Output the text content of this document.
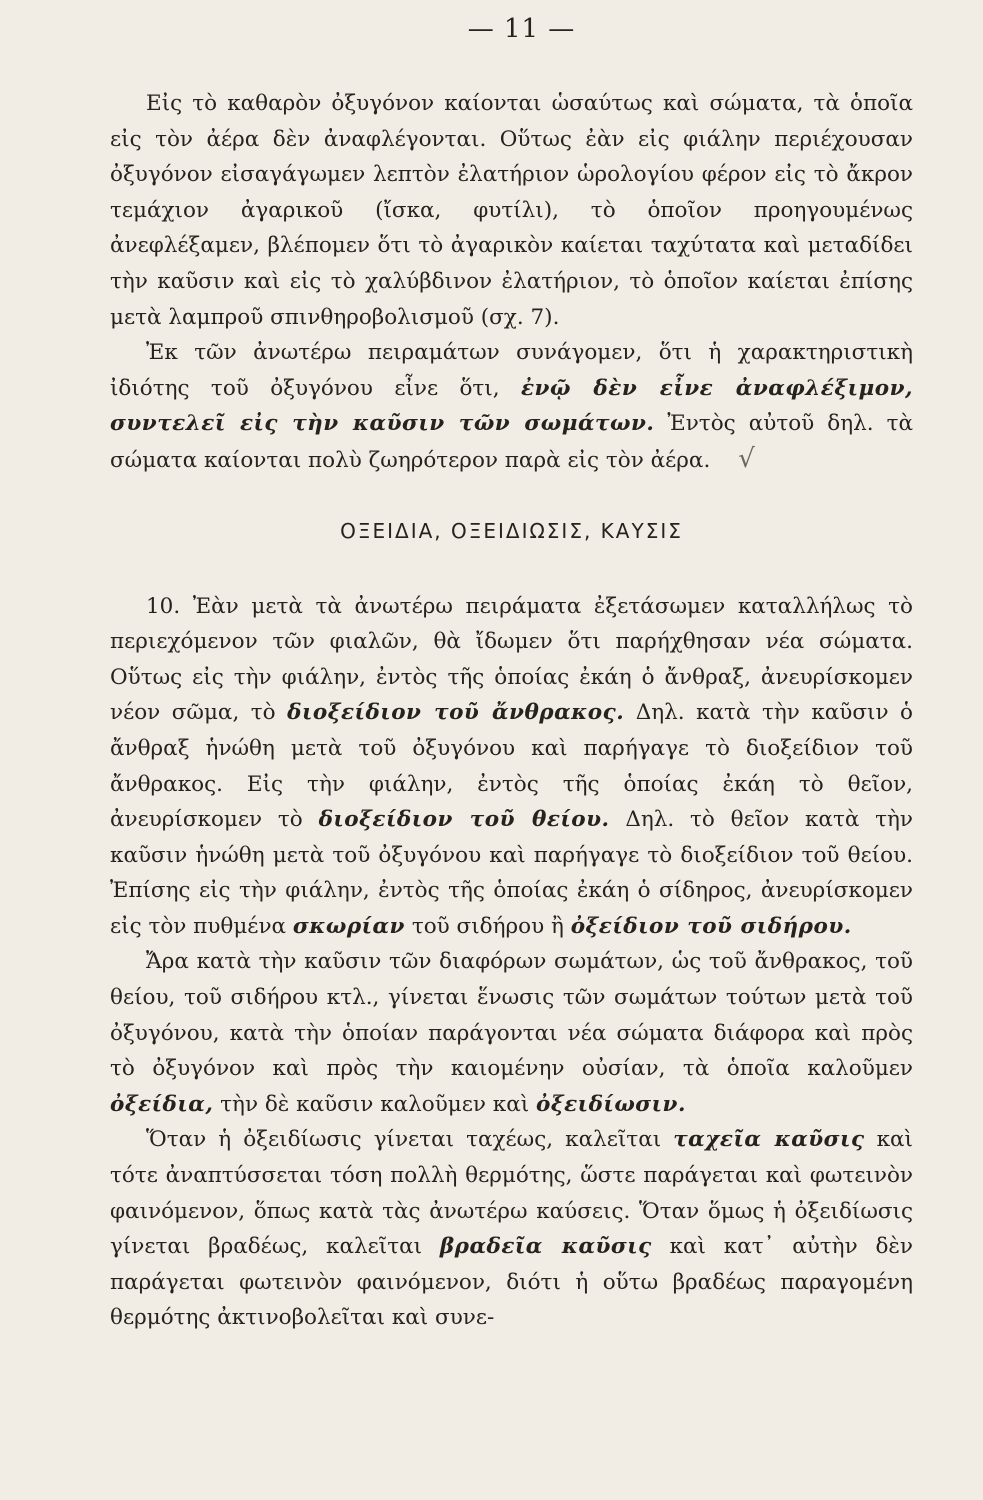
— 11 —

Εἰς τὸ καθαρὸν ὀξυγόνον καίονται ὡσαύτως καὶ σώματα, τὰ ὁποῖα εἰς τὸν ἀέρα δὲν ἀναφλέγονται. Οὕτως ἐὰν εἰς φιάλην περιέχουσαν ὀξυγόνον εἰσαγάγωμεν λεπτὸν ἐλατήριον ὡρολογίου φέρον εἰς τὸ ἄκρον τεμάχιον ἀγαρικοῦ (ἴσκα, φυτίλι), τὸ ὁποῖον προηγουμένως ἀνεφλέξαμεν, βλέπομεν ὅτι τὸ ἀγαρικὸν καίεται ταχύτατα καὶ μεταδίδει τὴν καῦσιν καὶ εἰς τὸ χαλύβδινον ἐλατήριον, τὸ ὁποῖον καίεται ἐπίσης μετὰ λαμπροῦ σπινθηροβολισμοῦ (σχ. 7).

Ἐκ τῶν ἀνωτέρω πειραμάτων συνάγομεν, ὅτι ἡ χαρακτηριστικὴ ἰδιότης τοῦ ὀξυγόνου εἶνε ὅτι, ἐνῷ δὲν εἶνε ἀναφλέξιμον, συντελεῖ εἰς τὴν καῦσιν τῶν σωμάτων. Ἐντὸς αὐτοῦ δηλ. τὰ σώματα καίονται πολὺ ζωηρότερον παρὰ εἰς τὸν ἀέρα. √

ΟΞΕΙΔΙΑ, ΟΞΕΙΔΙΩΣΙΣ, ΚΑΥΣΙΣ

10. Ἐὰν μετὰ τὰ ἀνωτέρω πειράματα ἐξετάσωμεν καταλλήλως τὸ περιεχόμενον τῶν φιαλῶν, θὰ ἴδωμεν ὅτι παρήχθησαν νέα σώματα. Οὕτως εἰς τὴν φιάλην, ἐντὸς τῆς ὁποίας ἐκάη ὁ ἄνθραξ, ἀνευρίσκομεν νέον σῶμα, τὸ διοξείδιον τοῦ ἄνθρακος. Δηλ. κατὰ τὴν καῦσιν ὁ ἄνθραξ ἡνώθη μετὰ τοῦ ὀξυγόνου καὶ παρήγαγε τὸ διοξείδιον τοῦ ἄνθρακος. Εἰς τὴν φιάλην, ἐντὸς τῆς ὁποίας ἐκάη τὸ θεῖον, ἀνευρίσκομεν τὸ διοξείδιον τοῦ θείου. Δηλ. τὸ θεῖον κατὰ τὴν καῦσιν ἡνώθη μετὰ τοῦ ὀξυγόνου καὶ παρήγαγε τὸ διοξείδιον τοῦ θείου. Ἐπίσης εἰς τὴν φιάλην, ἐντὸς τῆς ὁποίας ἐκάη ὁ σίδηρος, ἀνευρίσκομεν εἰς τὸν πυθμένα σκωρίαν τοῦ σιδήρου ἢ ὀξείδιον τοῦ σιδήρου.

Ἄρα κατὰ τὴν καῦσιν τῶν διαφόρων σωμάτων, ὡς τοῦ ἄνθρακος, τοῦ θείου, τοῦ σιδήρου κτλ., γίνεται ἕνωσις τῶν σωμάτων τούτων μετὰ τοῦ ὀξυγόνου, κατὰ τὴν ὁποίαν παράγονται νέα σώματα διάφορα καὶ πρὸς τὸ ὀξυγόνον καὶ πρὸς τὴν καιομένην οὐσίαν, τὰ ὁποῖα καλοῦμεν ὀξείδια, τὴν δὲ καῦσιν καλοῦμεν καὶ ὀξειδίωσιν.

Ὅταν ἡ ὀξειδίωσις γίνεται ταχέως, καλεῖται ταχεῖα καῦσις καὶ τότε ἀναπτύσσεται τόση πολλὴ θερμότης, ὥστε παράγεται καὶ φωτεινὸν φαινόμενον, ὅπως κατὰ τὰς ἀνωτέρω καύσεις. Ὅταν ὅμως ἡ ὀξειδίωσις γίνεται βραδέως, καλεῖται βραδεῖα καῦσις καὶ κατ᾿ αὐτὴν δὲν παράγεται φωτεινὸν φαινόμενον, διότι ἡ οὕτω βραδέως παραγομένη θερμότης ἀκτινοβολεῖται καὶ συνε-
